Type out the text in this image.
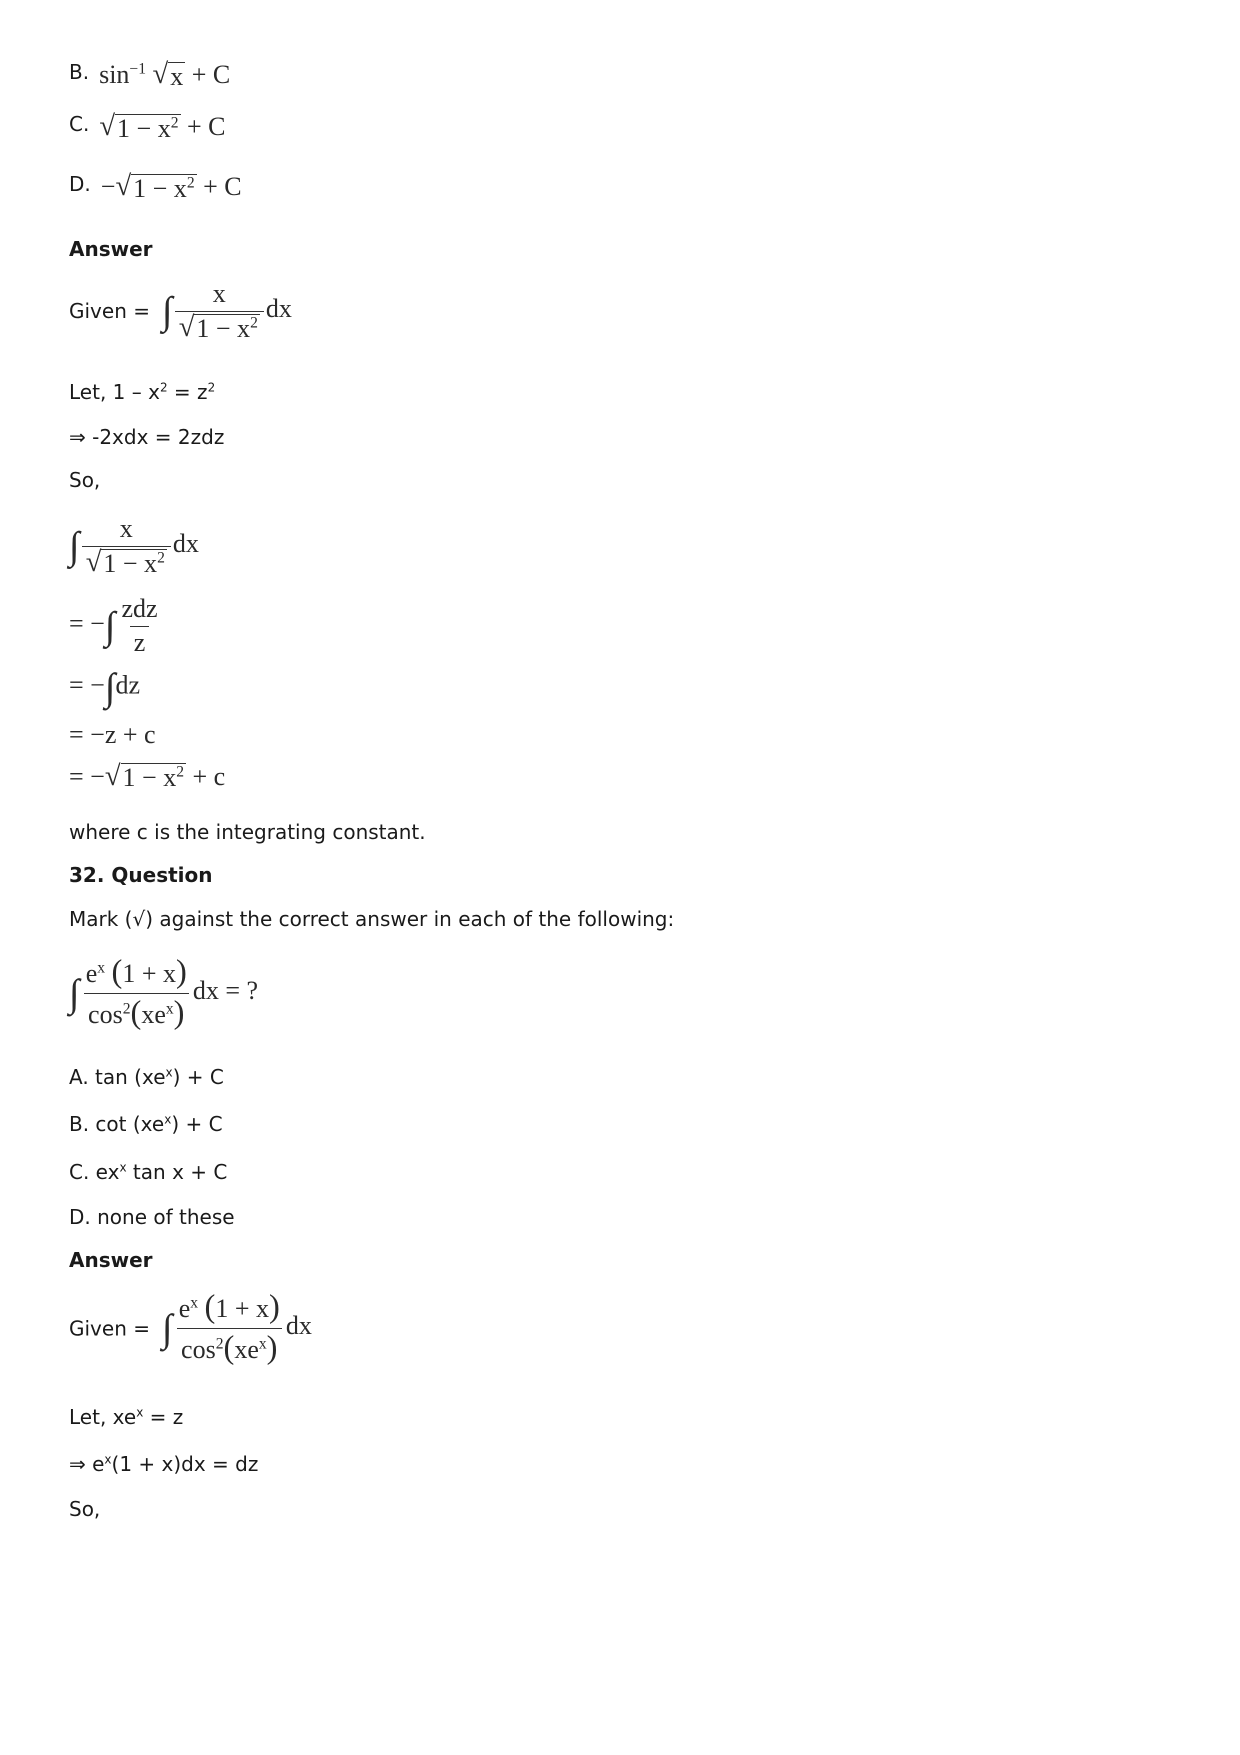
B. $\sin^{-1}$ √ x + C
C. √ $1 - x^2 + C$
D. − √ $1 - x^2 + C$
Answer
Given = ∫ $\frac{x}{√ 1 - x^2}$ dx
Let, $1 - x^2 = z^2$
⇒ -2xdx = 2zdz
So,
∫ $\frac{x}{√ 1 - x^2}$ dx
= −∫ $\frac{\text{zdz}}{z}$
= −∫dz
= −z + c
= − √ $1 - x^2 + c$
where c is the integrating constant.
32. Question
Mark (√) against the correct answer in each of the following:
∫ $\frac{e^x (1 + x)}{\cos^2(xe^x)}$ dx = ?
A. $\tan (xe^x) + C$
B. $\cot (xe^x) + C$
C. $ex^x$ tan x + C
D. none of these
Answer
Given = ∫ $\frac{e^x (1 + x)}{\cos^2(xe^x)}$ dx
Let, $xe^x = z$
⇒ $e^x(1 + x)dx$ = dz
So,
